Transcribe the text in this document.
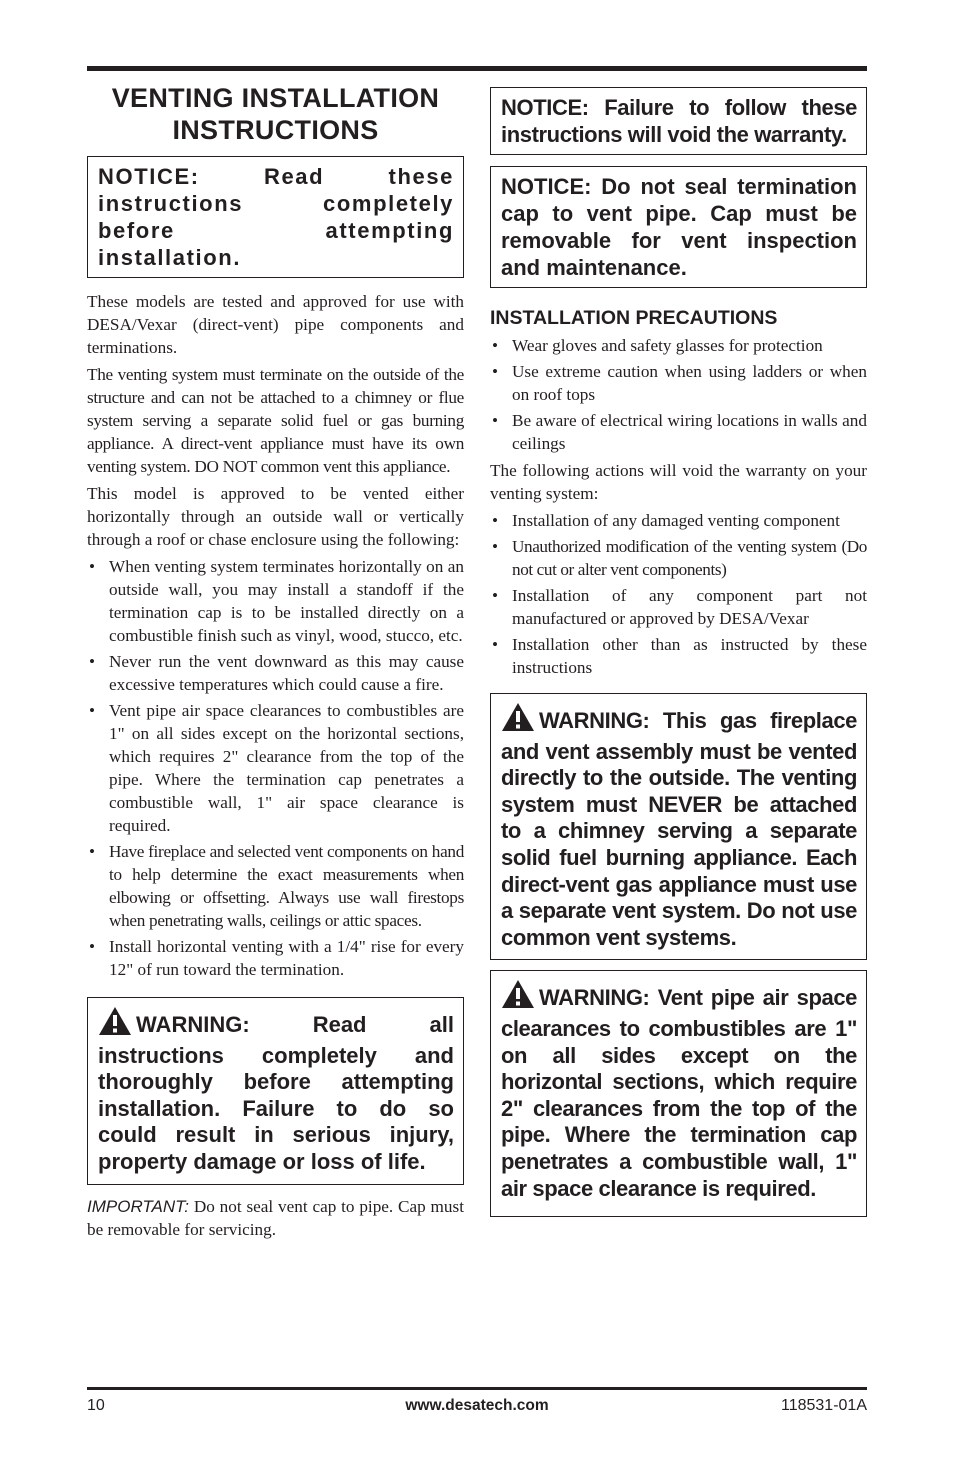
VENTING INSTALLATION INSTRUCTIONS
NOTICE: Read these instructions completely before attempting installation.

These models are tested and approved for use with DESA/Vexar (direct-vent) pipe components and terminations.

The venting system must terminate on the outside of the structure and can not be attached to a chimney or flue system serving a separate solid fuel or gas burning appliance. A direct-vent appliance must have its own venting system. DO NOT common vent this appliance.

This model is approved to be vented either horizontally through an outside wall or vertically through a roof or chase enclosure using the following:

• When venting system terminates horizontally on an outside wall, you may install a standoff if the termination cap is to be installed directly on a combustible finish such as vinyl, wood, stucco, etc.
• Never run the vent downward as this may cause excessive temperatures which could cause a fire.
• Vent pipe air space clearances to combustibles are 1" on all sides except on the horizontal sections, which requires 2" clearance from the top of the pipe. Where the termination cap penetrates a combustible wall, 1" air space clearance is required.
• Have fireplace and selected vent components on hand to help determine the exact measurements when elbowing or offsetting. Always use wall firestops when penetrating walls, ceilings or attic spaces.
• Install horizontal venting with a 1/4" rise for every 12" of run toward the termination.
WARNING: Read all instructions completely and thoroughly before attempting installation. Failure to do so could result in serious injury, property damage or loss of life.

IMPORTANT: Do not seal vent cap to pipe. Cap must be removable for servicing.

NOTICE: Failure to follow these instructions will void the warranty.
NOTICE: Do not seal termination cap to vent pipe. Cap must be removable for vent inspection and maintenance.
INSTALLATION PRECAUTIONS
• Wear gloves and safety glasses for protection
• Use extreme caution when using ladders or when on roof tops
• Be aware of electrical wiring locations in walls and ceilings

The following actions will void the warranty on your venting system:

• Installation of any damaged venting component
• Unauthorized modification of the venting system (Do not cut or alter vent components)
• Installation of any component part not manufactured or approved by DESA/Vexar
• Installation other than as instructed by these instructions
WARNING: This gas fireplace and vent assembly must be vented directly to the outside. The venting system must NEVER be attached to a chimney serving a separate solid fuel burning appliance. Each direct-vent gas appliance must use a separate vent system. Do not use common vent systems.
WARNING: Vent pipe air space clearances to combustibles are 1" on all sides except on the horizontal sections, which require 2" clearances from the top of the pipe. Where the termination cap penetrates a combustible wall, 1" air space clearance is required.
10	www.desatech.com	118531-01A
